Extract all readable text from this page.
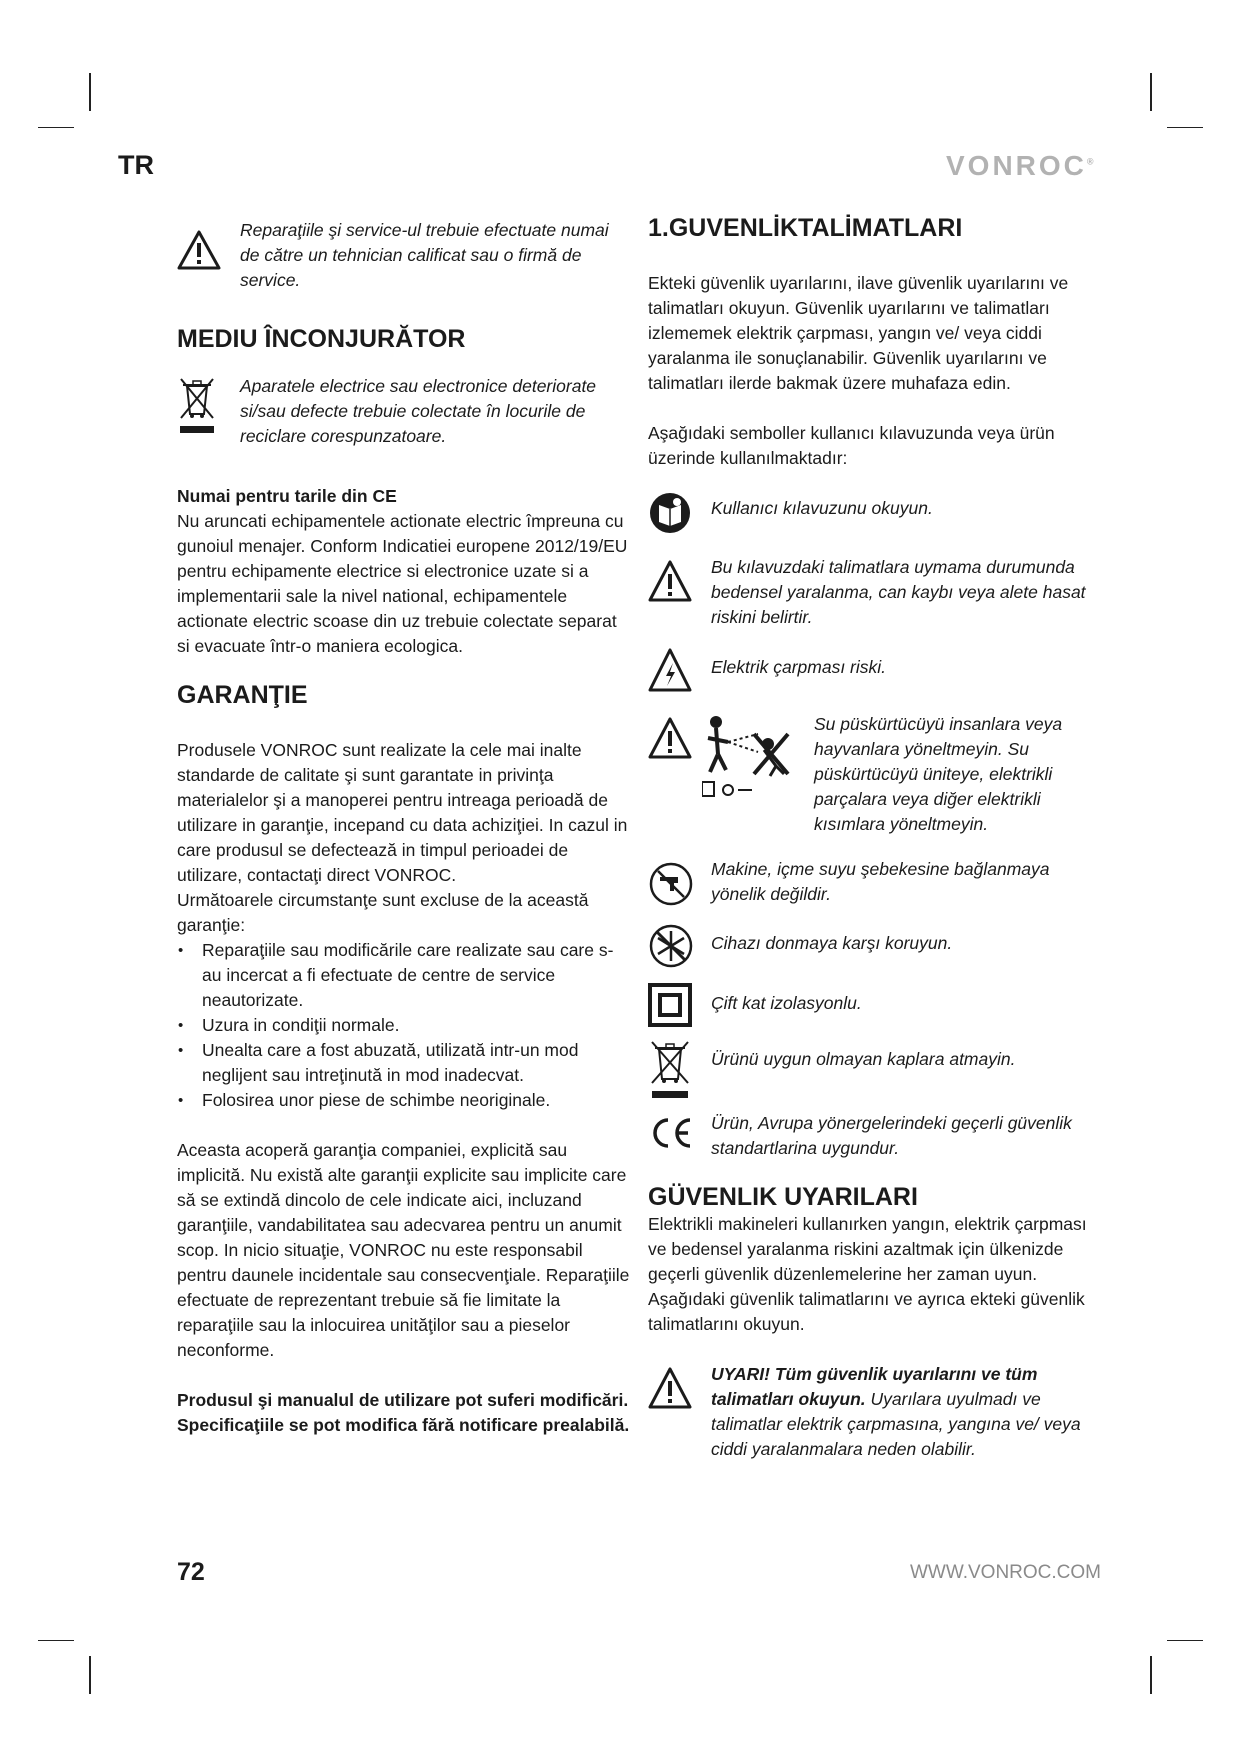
TR	VONROC®

Reparaţiile şi service-ul trebuie efectuate numai de către un tehnician calificat sau o firmă de service.

MEDIU ÎNCONJURĂTOR

Aparatele electrice sau electronice deteriorate si/sau defecte trebuie colectate în locurile de reciclare corespunzatoare.

Numai pentru tarile din CE

Nu aruncati echipamentele actionate electric împreuna cu gunoiul menajer. Conform Indicatiei europene 2012/19/EU pentru echipamente electrice si electronice uzate si a implementarii sale la nivel national, echipamentele actionate electric scoase din uz trebuie colectate separat si evacuate într-o maniera ecologica.

GARANŢIE

Produsele VONROC sunt realizate la cele mai inalte standarde de calitate şi sunt garantate in privinţa materialelor şi a manoperei pentru intreaga perioadă de utilizare in garanţie, incepand cu data achiziţiei. In cazul in care produsul se defectează in timpul perioadei de utilizare, contactaţi direct VONROC.

Următoarele circumstanţe sunt excluse de la această garanţie:

• Reparaţiile sau modificările care realizate sau care s-au incercat a fi efectuate de centre de service neautorizate.
• Uzura in condiţii normale.
• Unealta care a fost abuzată, utilizată intr-un mod neglijent sau intreţinută in mod inadecvat.
• Folosirea unor piese de schimbe neoriginale.

Aceasta acoperă garanţia companiei, explicită sau implicită. Nu există alte garanţii explicite sau implicite care să se extindă dincolo de cele indicate aici, incluzand garanţiile, vandabilitatea sau adecvarea pentru un anumit scop. In nicio situaţie, VONROC nu este responsabil pentru daunele incidentale sau consecvenţiale. Reparaţiile efectuate de reprezentant trebuie să fie limitate la reparaţiile sau la inlocuirea unităţilor sau a pieselor neconforme.

Produsul şi manualul de utilizare pot suferi modificări. Specificaţiile se pot modifica fără notificare prealabilă.

1.GUVENLİKTALİMATLARI

Ekteki güvenlik uyarılarını, ilave güvenlik uyarılarını ve talimatları okuyun. Güvenlik uyarılarını ve talimatları izlememek elektrik çarpması, yangın ve/ veya ciddi yaralanma ile sonuçlanabilir. Güvenlik uyarılarını ve talimatları ilerde bakmak üzere muhafaza edin.

Aşağıdaki semboller kullanıcı kılavuzunda veya ürün üzerinde kullanılmaktadır:

Kullanıcı kılavuzunu okuyun.

Bu kılavuzdaki talimatlara uymama durumunda bedensel yaralanma, can kaybı veya alete hasat riskini belirtir.

Elektrik çarpması riski.

Su püskürtücüyü insanlara veya hayvanlara yöneltmeyin. Su püskürtücüyü üniteye, elektrikli parçalara veya diğer elektrikli kısımlara yöneltmeyin.

Makine, içme suyu şebekesine bağlanmaya yönelik değildir.

Cihazı donmaya karşı koruyun.

Çift kat izolasyonlu.

Ürünü uygun olmayan kaplara atmayin.

Ürün, Avrupa yönergelerindeki geçerli güvenlik standartlarina uygundur.

GÜVENLIK UYARILARI

Elektrikli makineleri kullanırken yangın, elektrik çarpması ve bedensel yaralanma riskini azaltmak için ülkenizde geçerli güvenlik düzenlemelerine her zaman uyun. Aşağıdaki güvenlik talimatlarını ve ayrıca ekteki güvenlik talimatlarını okuyun.

UYARI! Tüm güvenlik uyarılarını ve tüm talimatları okuyun. Uyarılara uyulmadı ve talimatlar elektrik çarpmasına, yangına ve/ veya ciddi yaralanmalara neden olabilir.

72	WWW.VONROC.COM
